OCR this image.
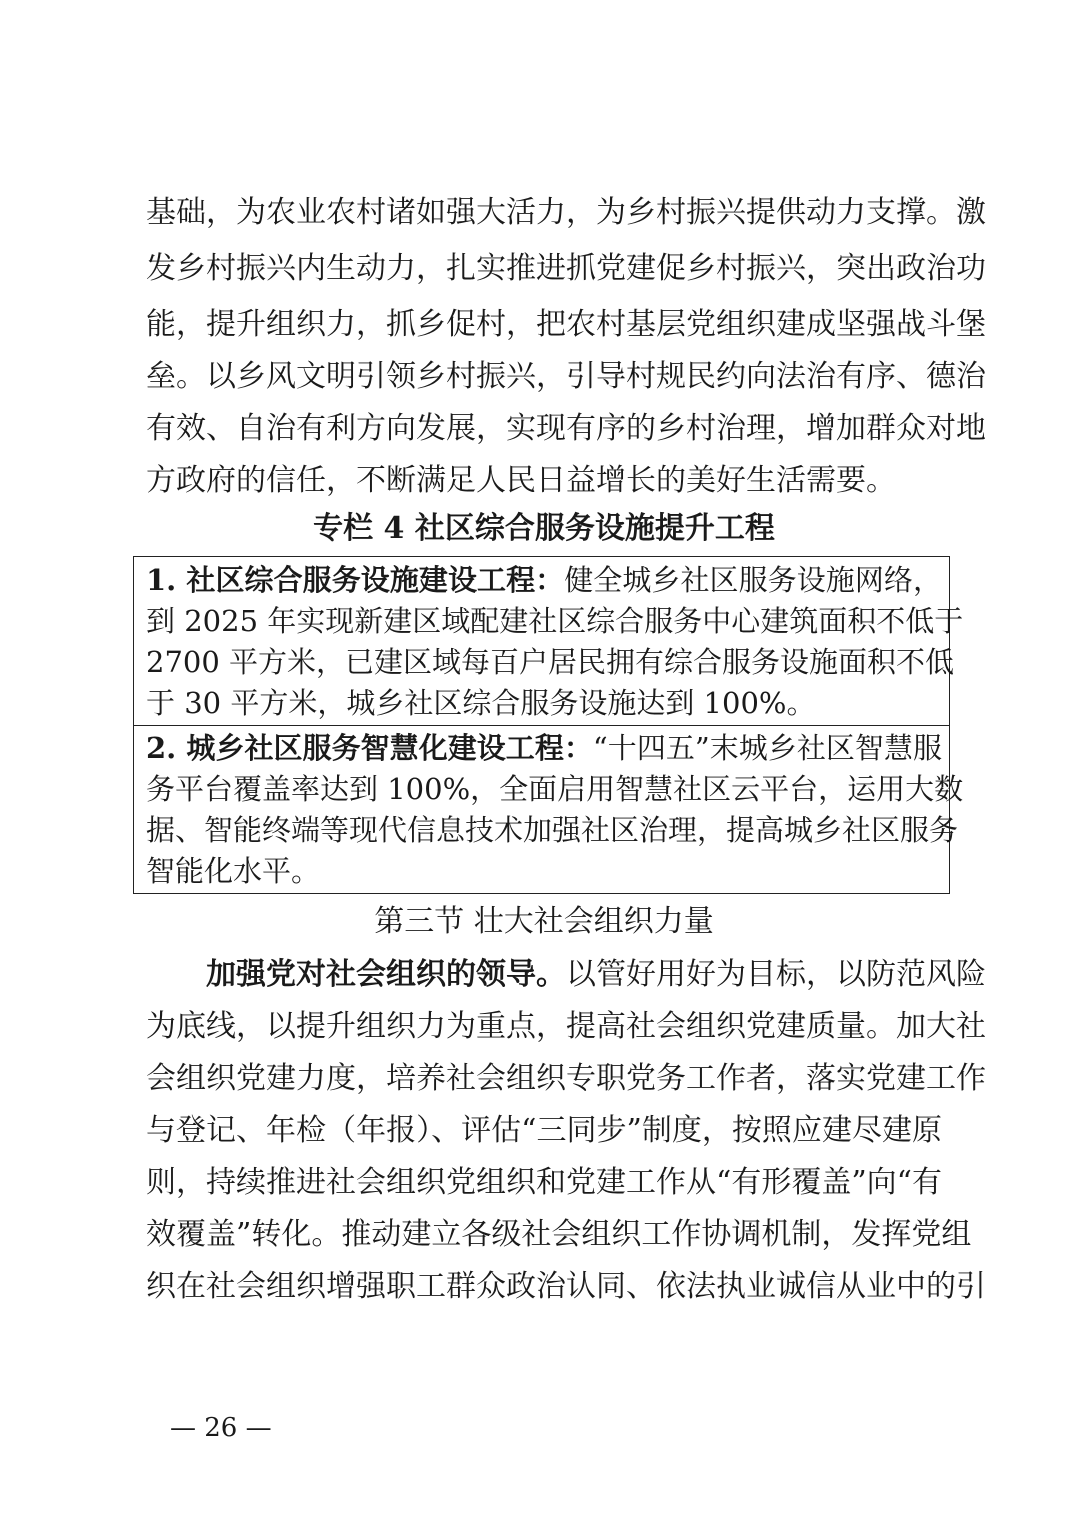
基础，为农业农村诸如强大活力，为乡村振兴提供动力支撑。激
发乡村振兴内生动力，扎实推进抓党建促乡村振兴，突出政治功
能，提升组织力，抓乡促村，把农村基层党组织建成坚强战斗堡
垒。以乡风文明引领乡村振兴，引导村规民约向法治有序、德治
有效、自治有利方向发展，实现有序的乡村治理，增加群众对地
方政府的信任，不断满足人民日益增长的美好生活需要。
专栏 4 社区综合服务设施提升工程
1. 社区综合服务设施建设工程：健全城乡社区服务设施网络，
到 2025 年实现新建区域配建社区综合服务中心建筑面积不低于
2700 平方米，已建区域每百户居民拥有综合服务设施面积不低
于 30 平方米，城乡社区综合服务设施达到 100%。
2. 城乡社区服务智慧化建设工程：“十四五”末城乡社区智慧服
务平台覆盖率达到 100%，全面启用智慧社区云平台，运用大数
据、智能终端等现代信息技术加强社区治理，提高城乡社区服务
智能化水平。
第三节 壮大社会组织力量
加强党对社会组织的领导。以管好用好为目标，以防范风险
为底线，以提升组织力为重点，提高社会组织党建质量。加大社
会组织党建力度，培养社会组织专职党务工作者，落实党建工作
与登记、年检（年报）、评估“三同步”制度，按照应建尽建原
则，持续推进社会组织党组织和党建工作从“有形覆盖”向“有
效覆盖”转化。推动建立各级社会组织工作协调机制，发挥党组
织在社会组织增强职工群众政治认同、依法执业诚信从业中的引
— 26 —
